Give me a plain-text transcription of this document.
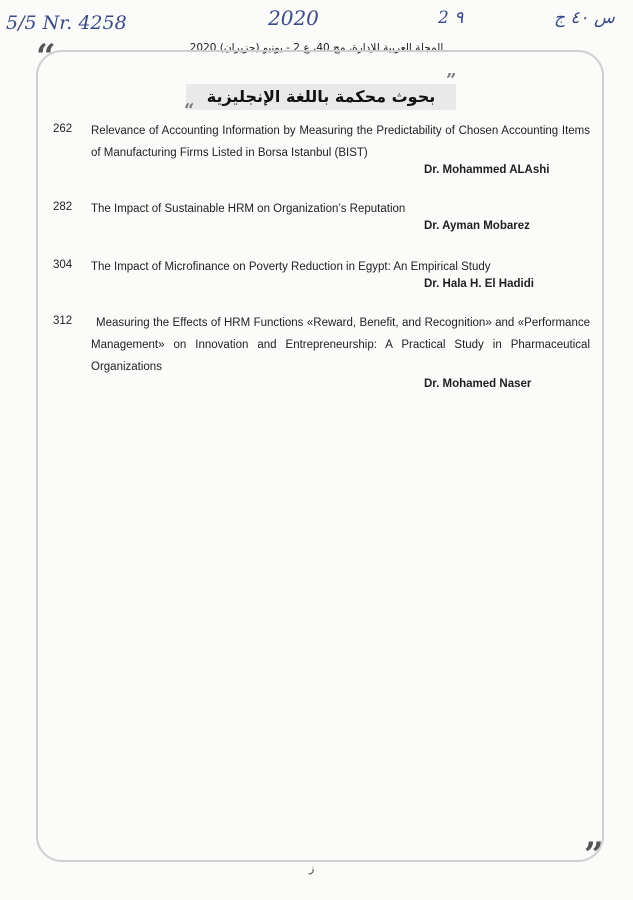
5/5 Nr. 4258	2020	2 ٩	س ٤٠ ج
المجلة العربية للإدارة، مج 40، ع 2 - يونيو (حزيران) 2020
“
”
بحوث محكمة باللغة الإنجليزية
”
“
262 Relevance of Accounting Information by Measuring the Predictability of Chosen Accounting Items of Manufacturing Firms Listed in Borsa Istanbul (BIST)
Dr. Mohammed ALAshi
282 The Impact of Sustainable HRM on Organization’s Reputation
Dr. Ayman Mobarez
304 The Impact of Microfinance on Poverty Reduction in Egypt: An Empirical Study
Dr. Hala H. El Hadidi
312	Measuring the Effects of HRM Functions «Reward, Benefit, and Recognition» and «Performance Management» on Innovation and Entrepreneurship: A Practical Study in Pharmaceutical Organizations
Dr. Mohamed Naser
ز
